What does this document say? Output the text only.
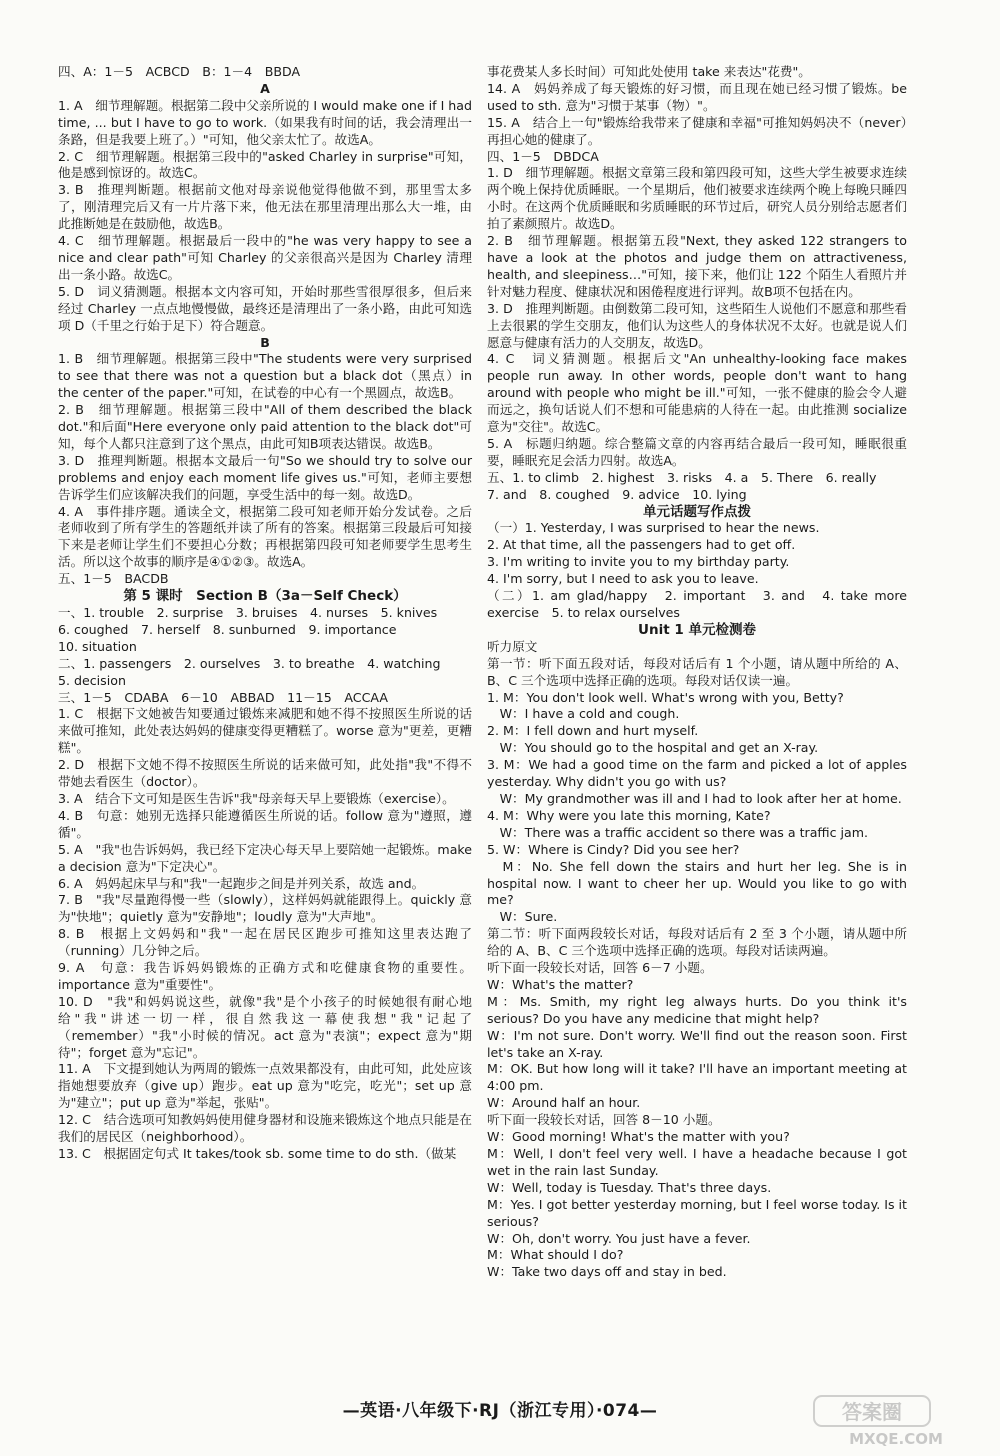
四、A：1－5　ACBCD　B：1－4　BBDA

A

1. A　细节理解题。根据第二段中父亲所说的 I would make one if I had time, ... but I have to go to work.（如果我有时间的话，我会清理出一条路，但是我要上班了。）"可知，他父亲太忙了。故选A。

2. C　细节理解题。根据第三段中的"asked Charley in surprise"可知，他是感到惊讶的。故选C。

3. B　推理判断题。根据前文他对母亲说他觉得他做不到，那里雪太多了，刚清理完后又有一片片落下来，他无法在那里清理出那么大一堆，由此推断她是在鼓励他，故选B。

4. C　细节理解题。根据最后一段中的"he was very happy to see a nice and clear path"可知 Charley 的父亲很高兴是因为 Charley 清理出一条小路。故选C。

5. D　词义猜测题。根据本文内容可知，开始时那些雪很厚很多，但后来经过 Charley 一点点地慢慢做，最终还是清理出了一条小路，由此可知选项 D（千里之行始于足下）符合题意。

B

1. B　细节理解题。根据第三段中"The students were very surprised to see that there was not a question but a black dot（黑点）in the center of the paper."可知，在试卷的中心有一个黑圆点，故选B。

2. B　细节理解题。根据第三段中"All of them described the black dot."和后面"Here everyone only paid attention to the black dot"可知，每个人都只注意到了这个黑点，由此可知B项表达错误。故选B。

3. D　推理判断题。根据本文最后一句"So we should try to solve our problems and enjoy each moment life gives us."可知，老师主要想告诉学生们应该解决我们的问题，享受生活中的每一刻。故选D。

4. A　事件排序题。通读全文，根据第二段可知老师开始分发试卷。之后老师收到了所有学生的答题纸并读了所有的答案。根据第三段最后可知接下来是老师让学生们不要担心分数；再根据第四段可知老师要学生思考生活。所以这个故事的顺序是④①②③。故选A。

五、1－5　BACDB

第 5 课时　Section B（3a－Self Check）

一、1. trouble　2. surprise　3. bruises　4. nurses　5. knives

6. coughed　7. herself　8. sunburned　9. importance

10. situation

二、1. passengers　2. ourselves　3. to breathe　4. watching

5. decision

三、1－5　CDABA　6－10　ABBAD　11－15　ACCAA

1. C　根据下文她被告知要通过锻炼来减肥和她不得不按照医生所说的话来做可推知，此处表达妈妈的健康变得更糟糕了。worse 意为"更差，更糟糕"。

2. D　根据下文她不得不按照医生所说的话来做可知，此处指"我"不得不带她去看医生（doctor）。

3. A　结合下文可知是医生告诉"我"母亲每天早上要锻炼（exercise）。

4. B　句意：她别无选择只能遵循医生所说的话。follow 意为"遵照，遵循"。

5. A　"我"也告诉妈妈，我已经下定决心每天早上要陪她一起锻炼。make a decision 意为"下定决心"。

6. A　妈妈起床早与和"我"一起跑步之间是并列关系，故选 and。

7. B　"我"尽量跑得慢一些（slowly），这样妈妈就能跟得上。quickly 意为"快地"；quietly 意为"安静地"；loudly 意为"大声地"。

8. B　根据上文妈妈和"我"一起在居民区跑步可推知这里表达跑了（running）几分钟之后。

9. A　句意：我告诉妈妈锻炼的正确方式和吃健康食物的重要性。importance 意为"重要性"。

10. D　"我"和妈妈说这些，就像"我"是个小孩子的时候她很有耐心地给"我"讲述一切一样，很自然我这一幕使我想"我"记起了（remember）"我"小时候的情况。act 意为"表演"；expect 意为"期待"；forget 意为"忘记"。

11. A　下文提到她认为两周的锻炼一点效果都没有，由此可知，此处应该指她想要放弃（give up）跑步。eat up 意为"吃完，吃光"；set up 意为"建立"；put up 意为"举起，张贴"。

12. C　结合选项可知教妈妈使用健身器材和设施来锻炼这个地点只能是在我们的居民区（neighborhood）。

13. C　根据固定句式 It takes/took sb. some time to do sth.（做某

事花费某人多长时间）可知此处使用 take 来表达"花费"。

14. A　妈妈养成了每天锻炼的好习惯，而且现在她已经习惯了锻炼。be used to sth. 意为"习惯于某事（物）"。

15. A　结合上一句"锻炼给我带来了健康和幸福"可推知妈妈决不（never）再担心她的健康了。

四、1－5　DBDCA

1. D　细节理解题。根据文章第三段和第四段可知，这些大学生被要求连续两个晚上保持优质睡眠。一个星期后，他们被要求连续两个晚上每晚只睡四小时。在这两个优质睡眠和劣质睡眠的环节过后，研究人员分别给志愿者们拍了素颜照片。故选D。

2. B　细节理解题。根据第五段"Next, they asked 122 strangers to have a look at the photos and judge them on attractiveness, health, and sleepiness…"可知，接下来，他们让 122 个陌生人看照片并针对魅力程度、健康状况和困倦程度进行评判。故B项不包括在内。

3. D　推理判断题。由倒数第二段可知，这些陌生人说他们不愿意和那些看上去很累的学生交朋友，他们认为这些人的身体状况不太好。也就是说人们愿意与健康有活力的人交朋友，故选D。

4. C　词义猜测题。根据后文"An unhealthy-looking face makes people run away. In other words, people don't want to hang around with people who might be ill."可知，一张不健康的脸会令人避而远之，换句话说人们不想和可能患病的人待在一起。由此推测 socialize 意为"交往"。故选C。

5. A　标题归纳题。综合整篇文章的内容再结合最后一段可知，睡眠很重要，睡眠充足会活力四射。故选A。

五、1. to climb　2. highest　3. risks　4. a　5. There　6. really

7. and　8. coughed　9. advice　10. lying

单元话题写作点拨

（一）1. Yesterday, I was surprised to hear the news.

2. At that time, all the passengers had to get off.

3. I'm writing to invite you to my birthday party.

4. I'm sorry, but I need to ask you to leave.

（二）1. am glad/happy　2. important　3. and　4. take more exercise　5. to relax ourselves

Unit 1 单元检测卷

听力原文

第一节：听下面五段对话，每段对话后有 1 个小题，请从题中所给的 A、B、C 三个选项中选择正确的选项。每段对话仅读一遍。

1. M：You don't look well. What's wrong with you, Betty?

　W：I have a cold and cough.

2. M：I fell down and hurt myself.

　W：You should go to the hospital and get an X-ray.

3. M：We had a good time on the farm and picked a lot of apples yesterday. Why didn't you go with us?

　W：My grandmother was ill and I had to look after her at home.

4. M：Why were you late this morning, Kate?

　W：There was a traffic accident so there was a traffic jam.

5. W：Where is Cindy? Did you see her?

　M：No. She fell down the stairs and hurt her leg. She is in hospital now. I want to cheer her up. Would you like to go with me?

　W：Sure.

第二节：听下面两段较长对话，每段对话后有 2 至 3 个小题，请从题中所给的 A、B、C 三个选项中选择正确的选项。每段对话读两遍。

听下面一段较长对话，回答 6－7 小题。

W：What's the matter?

M：Ms. Smith, my right leg always hurts. Do you think it's serious? Do you have any medicine that might help?

W：I'm not sure. Don't worry. We'll find out the reason soon. First let's take an X-ray.

M：OK. But how long will it take? I'll have an important meeting at 4:00 pm.

W：Around half an hour.

听下面一段较长对话，回答 8－10 小题。

W：Good morning! What's the matter with you?

M：Well, I don't feel very well. I have a headache because I got wet in the rain last Sunday.

W：Well, today is Tuesday. That's three days.

M：Yes. I got better yesterday morning, but I feel worse today. Is it serious?

W：Oh, don't worry. You just have a fever.

M：What should I do?

W：Take two days off and stay in bed.

—英语·八年级下·RJ（浙江专用）·074—	答案圈
MXQE.COM
